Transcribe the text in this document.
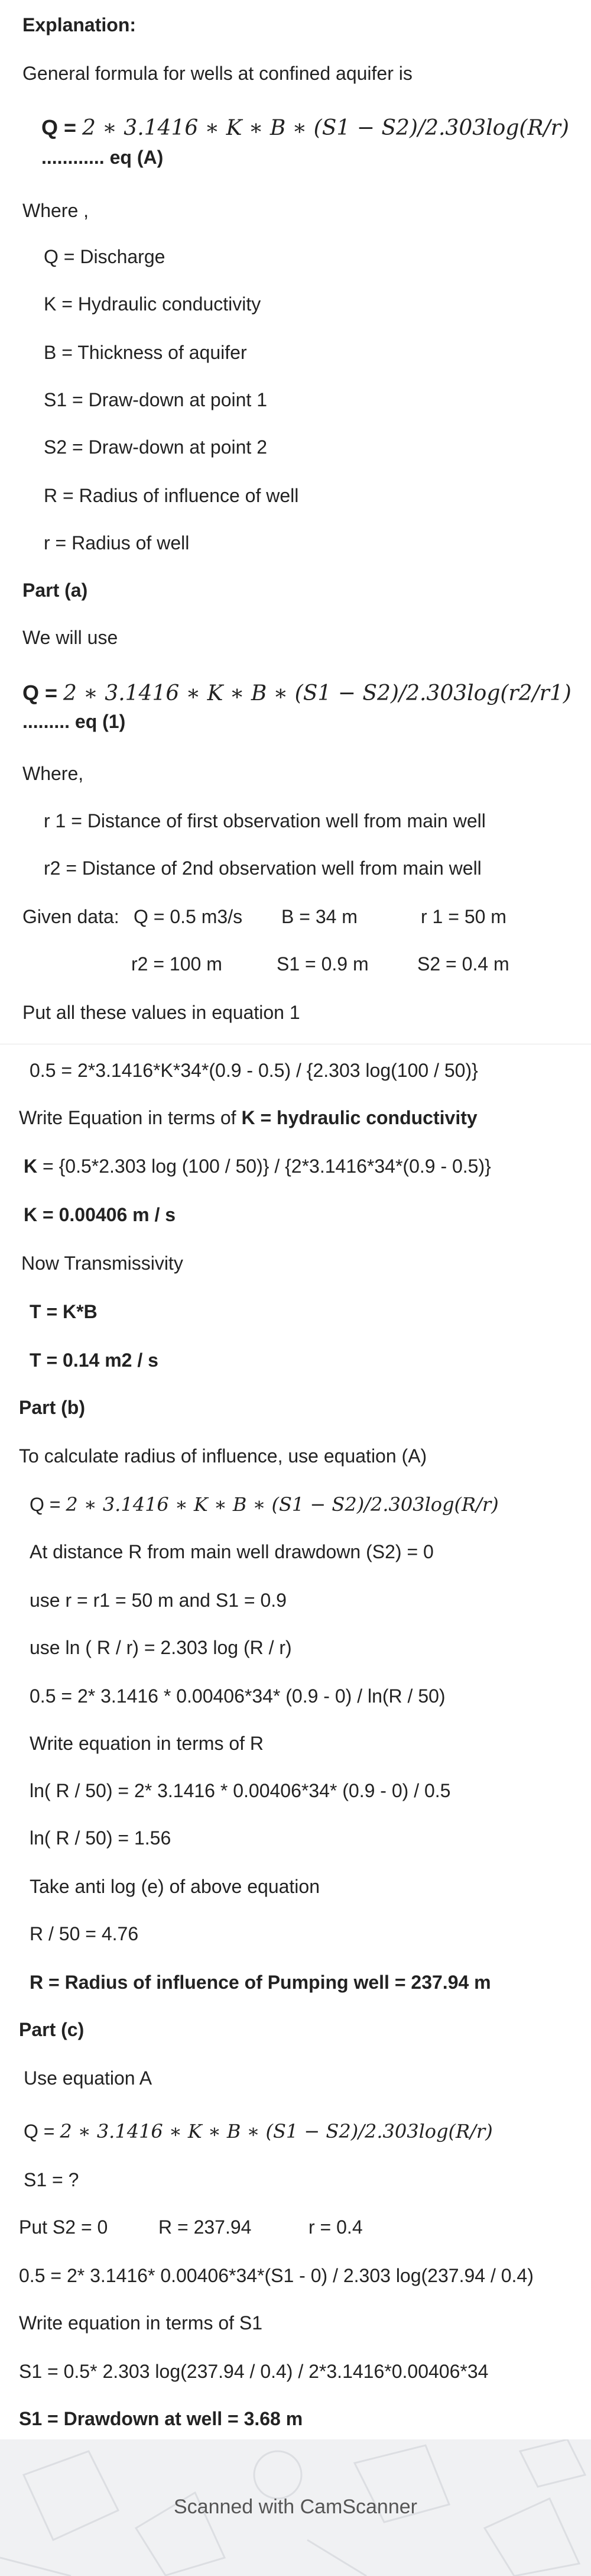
Explanation:
General formula for wells at confined aquifer is
Q = 2 ∗ 3.1416 ∗ K ∗ B ∗ (S1 − S2)/2.303log(R/r)
............ eq (A)
Where ,
Q = Discharge
K = Hydraulic conductivity
B = Thickness of aquifer
S1 = Draw-down at point 1
S2 = Draw-down at point 2
R = Radius of influence of well
r = Radius of well
Part (a)
We will use
Q = 2 ∗ 3.1416 ∗ K ∗ B ∗ (S1 − S2)/2.303log(r2/r1)
......... eq (1)
Where,
r 1 = Distance of first observation well from main well
r2 = Distance of 2nd observation well from main well
Given data: Q = 0.5 m3/s B = 34 m	r 1 = 50 m
r2 = 100 m	S1 = 0.9 m	S2 = 0.4 m
Put all these values in equation 1
0.5 = 2*3.1416*K*34*(0.9 - 0.5) / {2.303 log(100 / 50)}
Write Equation in terms of K = hydraulic conductivity
K = {0.5*2.303 log (100 / 50)} / {2*3.1416*34*(0.9 - 0.5)}
K = 0.00406 m / s
Now Transmissivity
T = K*B
T = 0.14 m2 / s
Part (b)
To calculate radius of influence, use equation (A)
Q = 2 ∗ 3.1416 ∗ K ∗ B ∗ (S1 − S2)/2.303log(R/r)
At distance R from main well drawdown (S2) = 0
use r = r1 = 50 m and S1 = 0.9
use ln ( R / r) = 2.303 log (R / r)
0.5 = 2* 3.1416 * 0.00406*34* (0.9 - 0) / ln(R / 50)
Write equation in terms of R
ln( R / 50) = 2* 3.1416 * 0.00406*34* (0.9 - 0) / 0.5
ln( R / 50) = 1.56
Take anti log (e) of above equation
R / 50 = 4.76
R = Radius of influence of Pumping well = 237.94 m
Part (c)
Use equation A
Q = 2 ∗ 3.1416 ∗ K ∗ B ∗ (S1 − S2)/2.303log(R/r)
S1 = ?
Put S2 = 0	R = 237.94	r = 0.4
0.5 = 2* 3.1416* 0.00406*34*(S1 - 0) / 2.303 log(237.94 / 0.4)
Write equation in terms of S1
S1 = 0.5* 2.303 log(237.94 / 0.4) / 2*3.1416*0.00406*34
S1 = Drawdown at well = 3.68 m
Scanned with CamScanner
